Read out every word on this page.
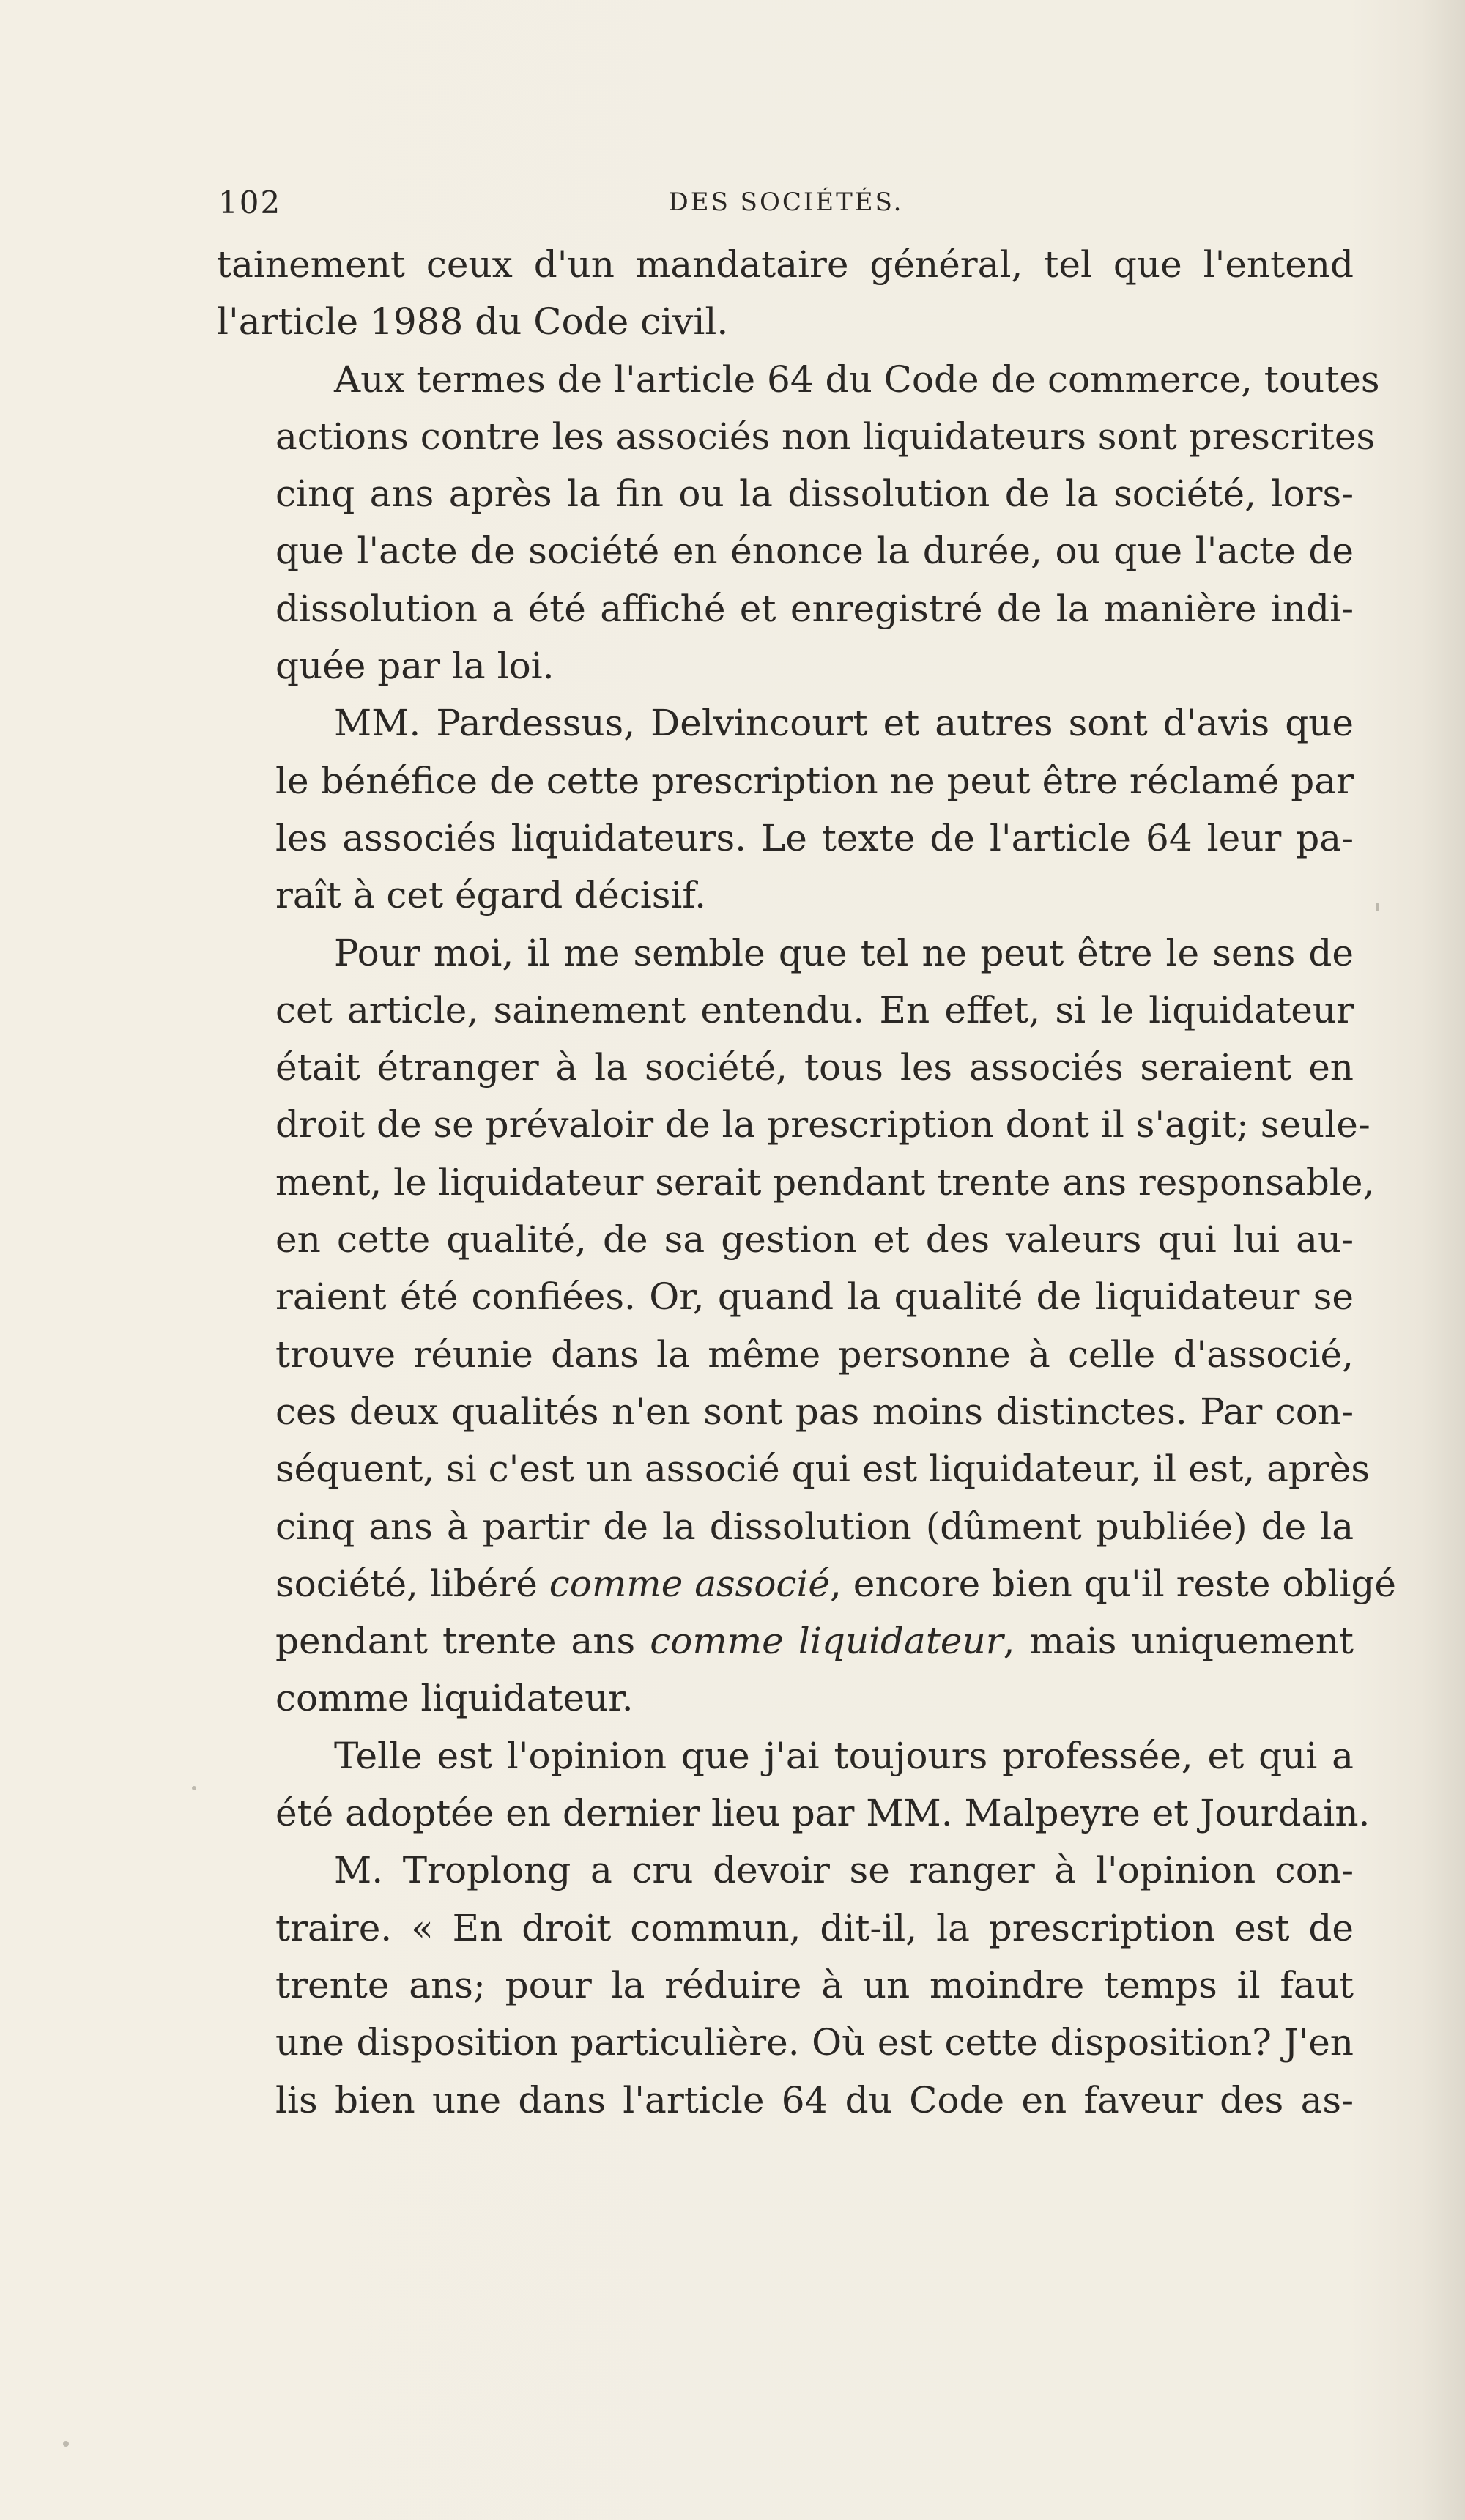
102	DES SOCIÉTÉS.

tainement ceux d'un mandataire général, tel que l'entend
l'article 1988 du Code civil.

Aux termes de l'article 64 du Code de commerce, toutes
actions contre les associés non liquidateurs sont prescrites
cinq ans après la fin ou la dissolution de la société, lors-
que l'acte de société en énonce la durée, ou que l'acte de
dissolution a été affiché et enregistré de la manière indi-
quée par la loi.

MM. Pardessus, Delvincourt et autres sont d'avis que
le bénéfice de cette prescription ne peut être réclamé par
les associés liquidateurs. Le texte de l'article 64 leur pa-
raît à cet égard décisif.

Pour moi, il me semble que tel ne peut être le sens de
cet article, sainement entendu. En effet, si le liquidateur
était étranger à la société, tous les associés seraient en
droit de se prévaloir de la prescription dont il s'agit; seule-
ment, le liquidateur serait pendant trente ans responsable,
en cette qualité, de sa gestion et des valeurs qui lui au-
raient été confiées. Or, quand la qualité de liquidateur se
trouve réunie dans la même personne à celle d'associé,
ces deux qualités n'en sont pas moins distinctes. Par con-
séquent, si c'est un associé qui est liquidateur, il est, après
cinq ans à partir de la dissolution (dûment publiée) de la
société, libéré comme associé, encore bien qu'il reste obligé
pendant trente ans comme liquidateur, mais uniquement
comme liquidateur.

Telle est l'opinion que j'ai toujours professée, et qui a
été adoptée en dernier lieu par MM. Malpeyre et Jourdain.

M. Troplong a cru devoir se ranger à l'opinion con-
traire. « En droit commun, dit-il, la prescription est de
trente ans; pour la réduire à un moindre temps il faut
une disposition particulière. Où est cette disposition? J'en
lis bien une dans l'article 64 du Code en faveur des as-
